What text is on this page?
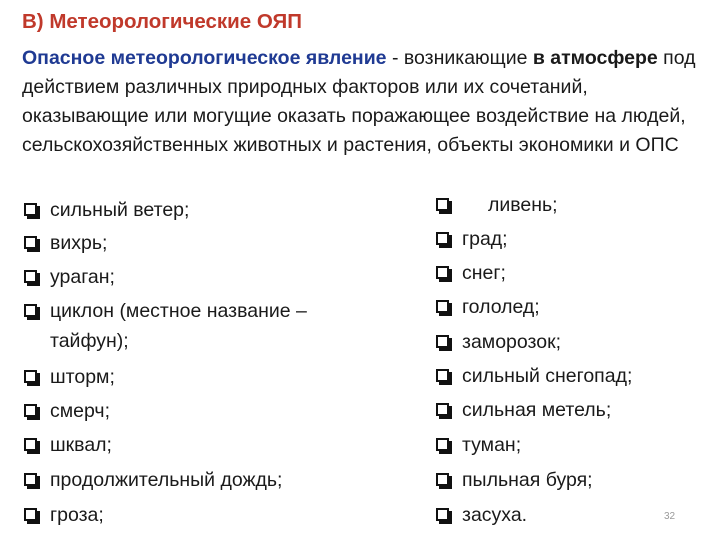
В) Метеорологические ОЯП
Опасное метеорологическое явление - возникающие в атмосфере под действием различных природных факторов или их сочетаний, оказывающие или могущие оказать поражающее воздействие на людей, сельскохозяйственных животных и растения, объекты экономики и ОПС
сильный ветер;
вихрь;
ураган;
циклон (местное название –
тайфун);
шторм;
смерч;
шквал;
продолжительный дождь;
гроза;
ливень;
град;
снег;
гололед;
заморозок;
сильный снегопад;
сильная метель;
туман;
пыльная буря;
засуха.	32
